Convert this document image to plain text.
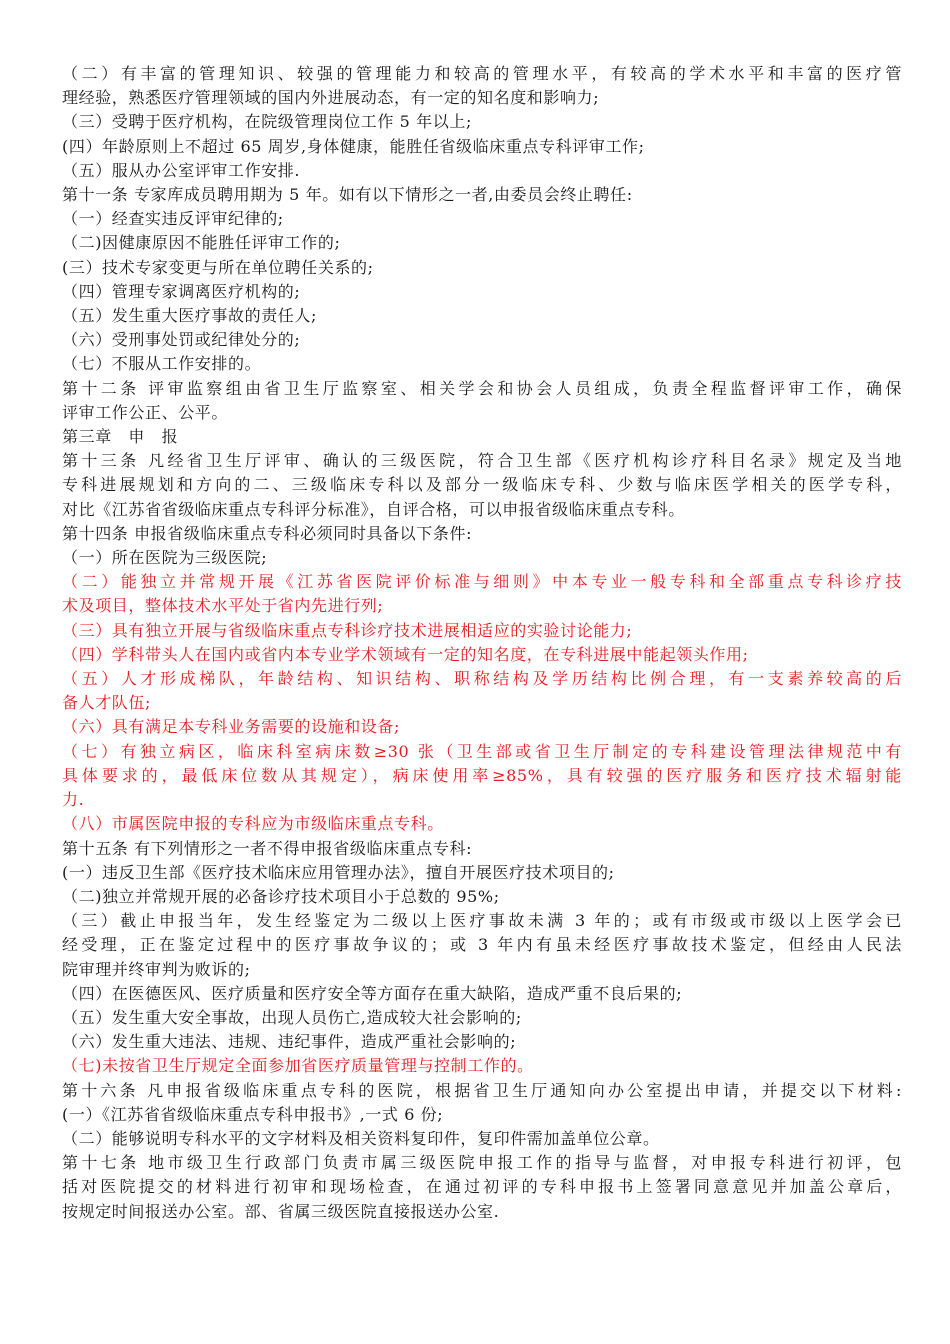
（二）有丰富的管理知识、较强的管理能力和较高的管理水平，有较高的学术水平和丰富的医疗管
理经验，熟悉医疗管理领域的国内外进展动态，有一定的知名度和影响力;
（三）受聘于医疗机构，在院级管理岗位工作 5 年以上;
(四）年龄原则上不超过 65 周岁,身体健康，能胜任省级临床重点专科评审工作;
（五）服从办公室评审工作安排.
第十一条 专家库成员聘用期为 5 年。如有以下情形之一者,由委员会终止聘任:
（一）经查实违反评审纪律的;
（二)因健康原因不能胜任评审工作的;
(三）技术专家变更与所在单位聘任关系的;
（四）管理专家调离医疗机构的;
（五）发生重大医疗事故的责任人;
（六）受刑事处罚或纪律处分的;
（七）不服从工作安排的。
第十二条 评审监察组由省卫生厅监察室、相关学会和协会人员组成，负责全程监督评审工作，确保
评审工作公正、公平。
第三章　申　报
第十三条 凡经省卫生厅评审、确认的三级医院，符合卫生部《医疗机构诊疗科目名录》规定及当地
专科进展规划和方向的二、三级临床专科以及部分一级临床专科、少数与临床医学相关的医学专科，
对比《江苏省省级临床重点专科评分标准》，自评合格，可以申报省级临床重点专科。
第十四条 申报省级临床重点专科必须同时具备以下条件:
（一）所在医院为三级医院;
（二）能独立并常规开展《江苏省医院评价标准与细则》中本专业一般专科和全部重点专科诊疗技
术及项目，整体技术水平处于省内先进行列;
（三）具有独立开展与省级临床重点专科诊疗技术进展相适应的实验讨论能力;
（四）学科带头人在国内或省内本专业学术领域有一定的知名度，在专科进展中能起领头作用;
（五）人才形成梯队，年龄结构、知识结构、职称结构及学历结构比例合理，有一支素养较高的后
备人才队伍;
（六）具有满足本专科业务需要的设施和设备;
（七）有独立病区，临床科室病床数≥30 张（卫生部或省卫生厅制定的专科建设管理法律规范中有
具体要求的，最低床位数从其规定），病床使用率≥85%，具有较强的医疗服务和医疗技术辐射能
力.
（八）市属医院申报的专科应为市级临床重点专科。
第十五条 有下列情形之一者不得申报省级临床重点专科:
(一）违反卫生部《医疗技术临床应用管理办法》，擅自开展医疗技术项目的;
（二)独立并常规开展的必备诊疗技术项目小于总数的 95%;
（三）截止申报当年，发生经鉴定为二级以上医疗事故未满 3 年的；或有市级或市级以上医学会已
经受理，正在鉴定过程中的医疗事故争议的；或 3 年内有虽未经医疗事故技术鉴定，但经由人民法
院审理并终审判为败诉的;
（四）在医德医风、医疗质量和医疗安全等方面存在重大缺陷，造成严重不良后果的;
（五）发生重大安全事故，出现人员伤亡,造成较大社会影响的;
（六）发生重大违法、违规、违纪事件，造成严重社会影响的;
（七)未按省卫生厅规定全面参加省医疗质量管理与控制工作的。
第十六条 凡申报省级临床重点专科的医院，根据省卫生厅通知向办公室提出申请，并提交以下材料:
(一）《江苏省省级临床重点专科申报书》,一式 6 份;
（二）能够说明专科水平的文字材料及相关资料复印件，复印件需加盖单位公章。
第十七条 地市级卫生行政部门负责市属三级医院申报工作的指导与监督，对申报专科进行初评，包
括对医院提交的材料进行初审和现场检查，在通过初评的专科申报书上签署同意意见并加盖公章后，
按规定时间报送办公室。部、省属三级医院直接报送办公室.
